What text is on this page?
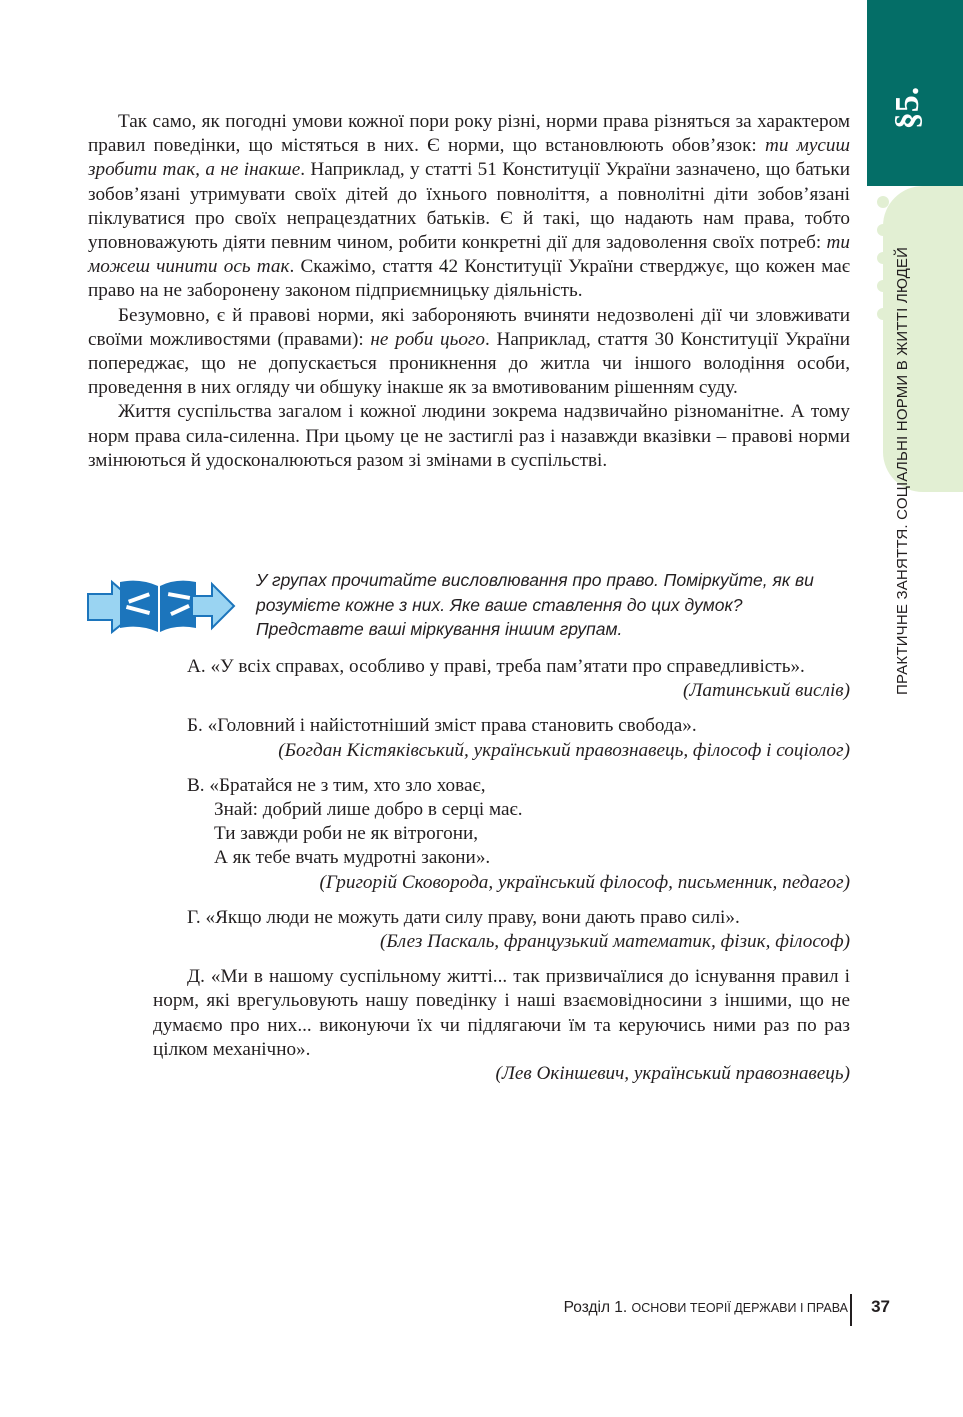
§5.
ПРАКТИЧНЕ ЗАНЯТТЯ. СОЦІАЛЬНІ НОРМИ В ЖИТТІ ЛЮДЕЙ

Так само, як погодні умови кожної пори року різні, норми права різняться за характером правил поведінки, що містяться в них. Є норми, що встановлюють обов’язок: ти мусиш зробити так, а не інакше. Наприклад, у статті 51 Конституції України зазначено, що батьки зобов’язані утримувати своїх дітей до їхнього повноліття, а повнолітні діти зобов’язані піклуватися про своїх непрацездатних батьків. Є й такі, що надають нам права, тобто уповноважують діяти певним чином, робити конкретні дії для задоволення своїх потреб: ти можеш чинити ось так. Скажімо, стаття 42 Конституції України стверджує, що кожен має право на не заборонену законом підприємницьку діяльність.

Безумовно, є й правові норми, які забороняють вчиняти недозволені дії чи зловживати своїми можливостями (правами): не роби цього. Наприклад, стаття 30 Конституції України попереджає, що не допускається проникнення до житла чи іншого володіння особи, проведення в них огляду чи обшуку інакше як за вмотивованим рішенням суду.

Життя суспільства загалом і кожної людини зокрема надзвичайно різноманітне. А тому норм права сила-силенна. При цьому це не застиглі раз і назавжди вказівки – правові норми змінюються й удосконалюються разом зі змінами в суспільстві.

У групах прочитайте висловлювання про право. Поміркуйте, як ви
розумієте кожне з них. Яке ваше ставлення до цих думок?
Представте ваші міркування іншим групам.

А. «У всіх справах, особливо у праві, треба пам’ятати про справедливість».

(Латинський вислів)

Б. «Головний і найістотніший зміст права становить свобода».

(Богдан Кістяківський, український правознавець, філософ і соціолог)
В. «Братайся не з тим, хто зло ховає,
Знай: добрий лише добро в серці має.
Ти завжди роби не як вітрогони,
А як тебе вчать мудротні закони».
(Григорій Сковорода, український філософ, письменник, педагог)

Г. «Якщо люди не можуть дати силу праву, вони дають право силі».

(Блез Паскаль, французький математик, фізик, філософ)

Д. «Ми в нашому суспільному житті... так призвичаїлися до існування правил і норм, які врегульовують нашу поведінку і наші взаємовідносини з іншими, що не думаємо про них... виконуючи їх чи підлягаючи їм та керуючись ними раз по раз цілком механічно».

(Лев Окіншевич, український правознавець)
Розділ 1. ОСНОВИ ТЕОРІЇ ДЕРЖАВИ І ПРАВА 37
